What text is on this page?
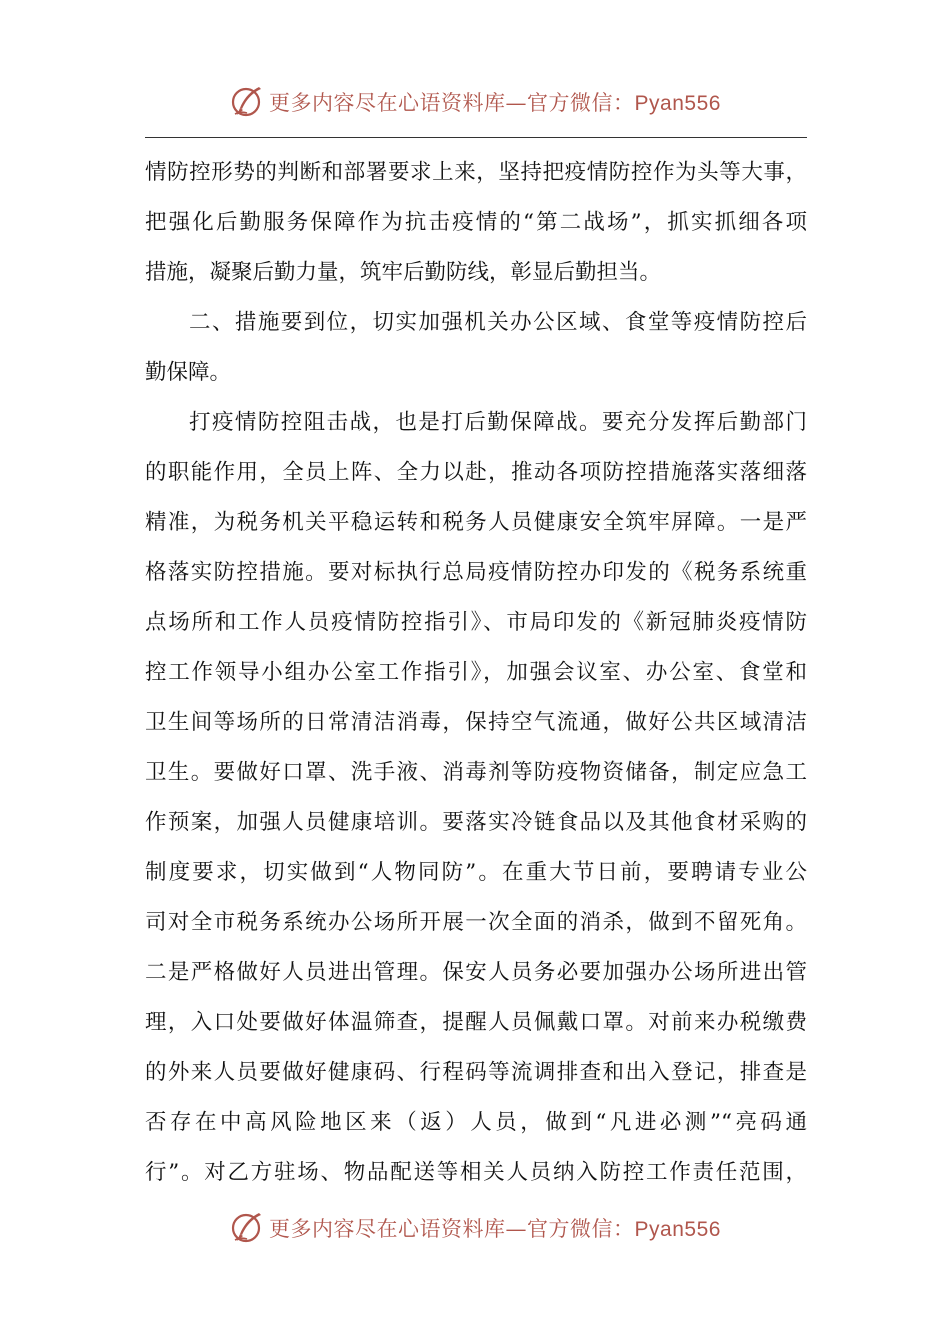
更多内容尽在心语资料库—官方微信：Pyan556
情防控形势的判断和部署要求上来，坚持把疫情防控作为头等大事，
把强化后勤服务保障作为抗击疫情的“第二战场”，抓实抓细各项
措施，凝聚后勤力量，筑牢后勤防线，彰显后勤担当。
二、措施要到位，切实加强机关办公区域、食堂等疫情防控后
勤保障。
打疫情防控阻击战，也是打后勤保障战。要充分发挥后勤部门
的职能作用，全员上阵、全力以赴，推动各项防控措施落实落细落
精准，为税务机关平稳运转和税务人员健康安全筑牢屏障。一是严
格落实防控措施。要对标执行总局疫情防控办印发的《税务系统重
点场所和工作人员疫情防控指引》、市局印发的《新冠肺炎疫情防
控工作领导小组办公室工作指引》，加强会议室、办公室、食堂和
卫生间等场所的日常清洁消毒，保持空气流通，做好公共区域清洁
卫生。要做好口罩、洗手液、消毒剂等防疫物资储备，制定应急工
作预案，加强人员健康培训。要落实冷链食品以及其他食材采购的
制度要求，切实做到“人物同防”。在重大节日前，要聘请专业公
司对全市税务系统办公场所开展一次全面的消杀，做到不留死角。
二是严格做好人员进出管理。保安人员务必要加强办公场所进出管
理，入口处要做好体温筛查，提醒人员佩戴口罩。对前来办税缴费
的外来人员要做好健康码、行程码等流调排查和出入登记，排查是
否存在中高风险地区来（返）人员，做到“凡进必测”“亮码通
行”。对乙方驻场、物品配送等相关人员纳入防控工作责任范围，
更多内容尽在心语资料库—官方微信：Pyan556
